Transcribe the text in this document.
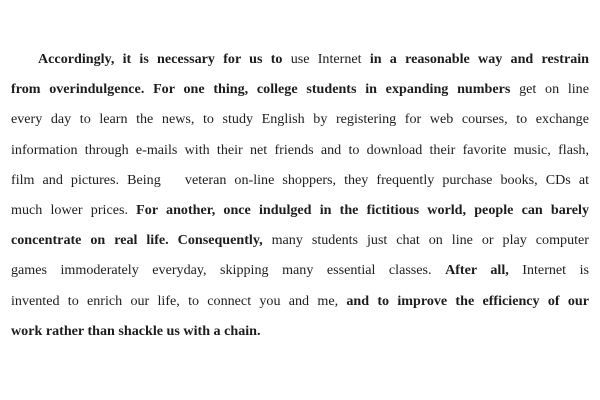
Accordingly, it is necessary for us to use Internet in a reasonable way and restrain
from overindulgence. For one thing, college students in expanding numbers get on line
every day to learn the news, to study English by registering for web courses, to exchange
information through e-mails with their net friends and to download their favorite music, flash,
film and pictures. Being   veteran on-line shoppers, they frequently purchase books, CDs at
much lower prices. For another, once indulged in the fictitious world, people can barely
concentrate on real life. Consequently, many students just chat on line or play computer
games immoderately everyday, skipping many essential classes. After all, Internet is
invented to enrich our life, to connect you and me, and to improve the efficiency of our
work rather than shackle us with a chain.
